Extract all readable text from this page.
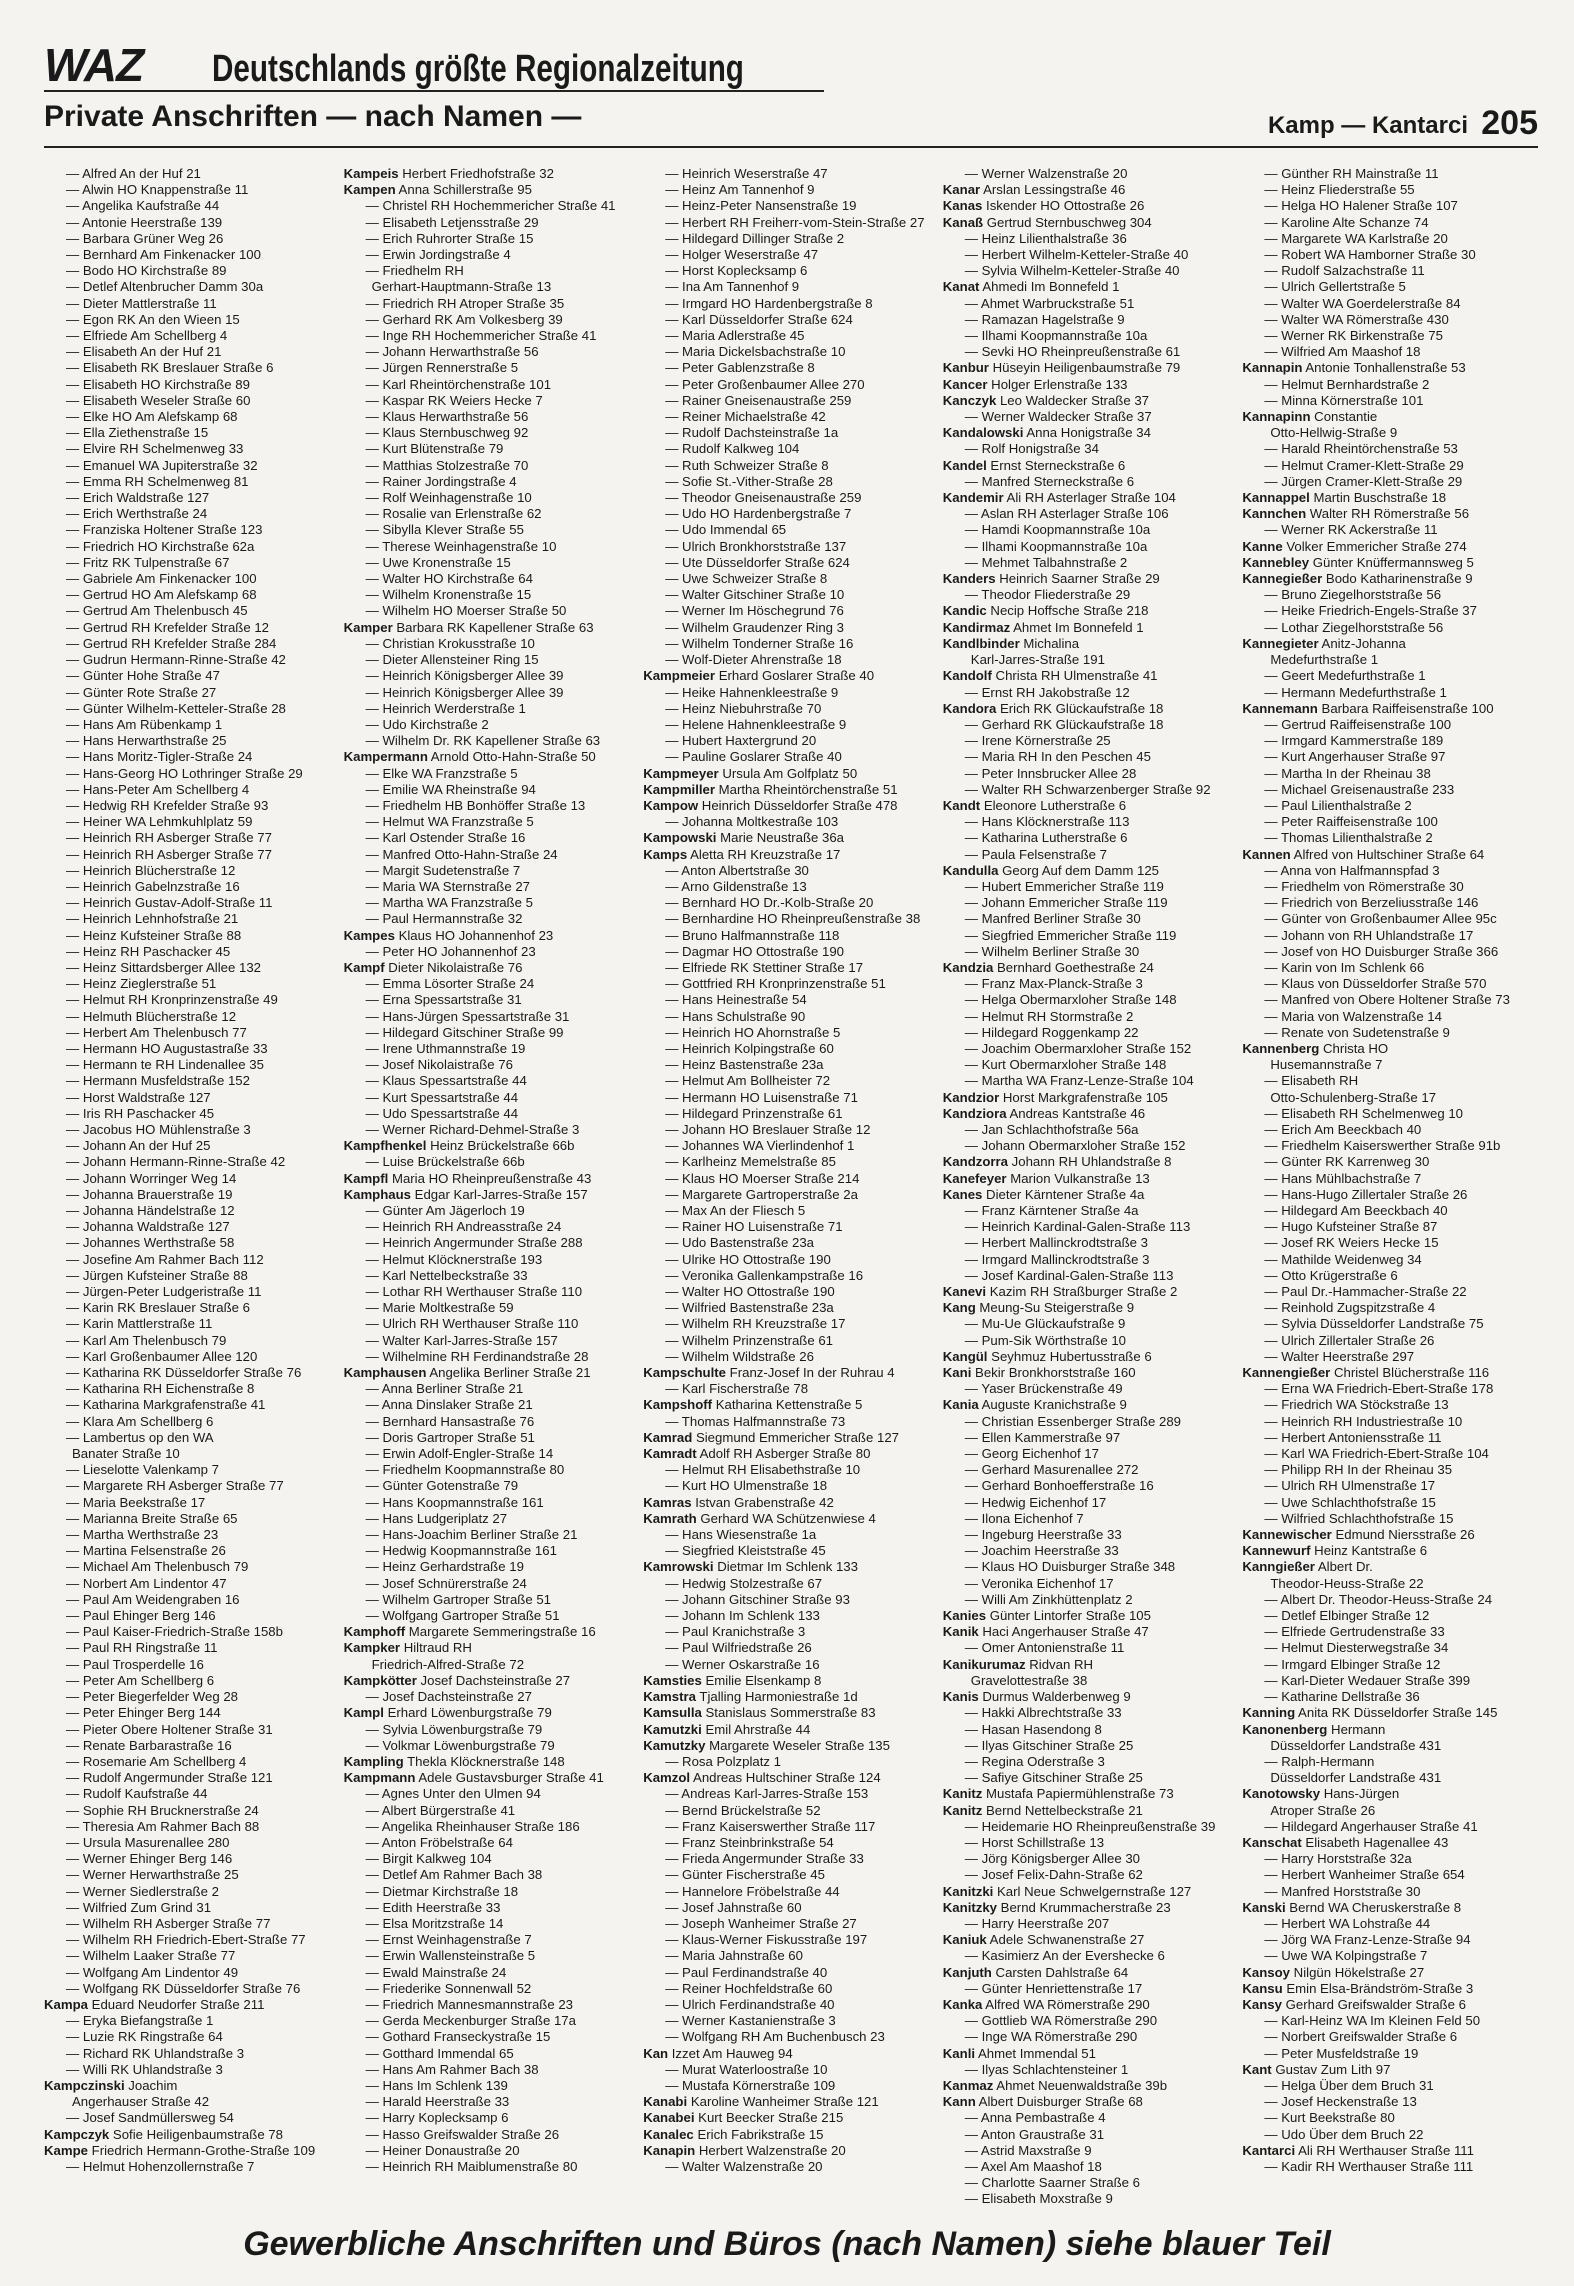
WAZ Deutschlands größte Regionalzeitung
Private Anschriften — nach Namen —	Kamp — Kantarci 205
— Alfred An der Huf 21
— Alwin HO Knappenstraße 11
— Angelika Kaufstraße 44
— Antonie Heerstraße 139
— Barbara Grüner Weg 26
— Bernhard Am Finkenacker 100
— Bodo HO Kirchstraße 89
— Detlef Altenbrucher Damm 30a
— Dieter Mattlerstraße 11
— Egon RK An den Wieen 15
— Elfriede Am Schellberg 4
— Elisabeth An der Huf 21
— Elisabeth RK Breslauer Straße 6
— Elisabeth HO Kirchstraße 89
— Elisabeth Weseler Straße 60
— Elke HO Am Alefskamp 68
— Ella Ziethenstraße 15
— Elvire RH Schelmenweg 33
— Emanuel WA Jupiterstraße 32
— Emma RH Schelmenweg 81
— Erich Waldstraße 127
— Erich Werthstraße 24
— Franziska Holtener Straße 123
— Friedrich HO Kirchstraße 62a
— Fritz RK Tulpenstraße 67
— Gabriele Am Finkenacker 100
— Gertrud HO Am Alefskamp 68
— Gertrud Am Thelenbusch 45
— Gertrud RH Krefelder Straße 12
— Gertrud RH Krefelder Straße 284
— Gudrun Hermann-Rinne-Straße 42
— Günter Hohe Straße 47
— Günter Rote Straße 27
— Günter Wilhelm-Ketteler-Straße 28
— Hans Am Rübenkamp 1
— Hans Herwarthstraße 25
— Hans Moritz-Tigler-Straße 24
— Hans-Georg HO Lothringer Straße 29
— Hans-Peter Am Schellberg 4
— Hedwig RH Krefelder Straße 93
— Heiner WA Lehmkuhlplatz 59
— Heinrich RH Asberger Straße 77
— Heinrich RH Asberger Straße 77
— Heinrich Blücherstraße 12
— Heinrich Gabelnzstraße 16
— Heinrich Gustav-Adolf-Straße 11
— Heinrich Lehnhofstraße 21
— Heinz Kufsteiner Straße 88
— Heinz RH Paschacker 45
— Heinz Sittardsberger Allee 132
— Heinz Zieglerstraße 51
— Helmut RH Kronprinzenstraße 49
— Helmuth Blücherstraße 12
— Herbert Am Thelenbusch 77
— Hermann HO Augustastraße 33
— Hermann te RH Lindenallee 35
— Hermann Musfeldstraße 152
— Horst Waldstraße 127
— Iris RH Paschacker 45
— Jacobus HO Mühlenstraße 3
— Johann An der Huf 25
— Johann Hermann-Rinne-Straße 42
— Johann Worringer Weg 14
— Johanna Brauerstraße 19
— Johanna Händelstraße 12
— Johanna Waldstraße 127
— Johannes Werthstraße 58
— Josefine Am Rahmer Bach 112
— Jürgen Kufsteiner Straße 88
— Jürgen-Peter Ludgeristraße 11
— Karin RK Breslauer Straße 6
— Karin Mattlerstraße 11
— Karl Am Thelenbusch 79
— Karl Großenbaumer Allee 120
— Katharina RK Düsseldorfer Straße 76
— Katharina RH Eichenstraße 8
— Katharina Markgrafenstraße 41
— Klara Am Schellberg 6
— Lambertus op den WA
Banater Straße 10
— Lieselotte Valenkamp 7
— Margarete RH Asberger Straße 77
— Maria Beekstraße 17
— Marianna Breite Straße 65
— Martha Werthstraße 23
— Martina Felsenstraße 26
— Michael Am Thelenbusch 79
— Norbert Am Lindentor 47
— Paul Am Weidengraben 16
— Paul Ehinger Berg 146
— Paul Kaiser-Friedrich-Straße 158b
— Paul RH Ringstraße 11
— Paul Trosperdelle 16
— Peter Am Schellberg 6
— Peter Biegerfelder Weg 28
— Peter Ehinger Berg 144
— Pieter Obere Holtener Straße 31
— Renate Barbarastraße 16
— Rosemarie Am Schellberg 4
— Rudolf Angermunder Straße 121
— Rudolf Kaufstraße 44
— Sophie RH Brucknerstraße 24
— Theresia Am Rahmer Bach 88
— Ursula Masurenallee 280
— Werner Ehinger Berg 146
— Werner Herwarthstraße 25
— Werner Siedlerstraße 2
— Wilfried Zum Grind 31
— Wilhelm RH Asberger Straße 77
— Wilhelm RH Friedrich-Ebert-Straße 77
— Wilhelm Laaker Straße 77
— Wolfgang Am Lindentor 49
— Wolfgang RK Düsseldorfer Straße 76
Kampa Eduard Neudorfer Straße 211
— Eryka Biefangstraße 1
— Luzie RK Ringstraße 64
— Richard RK Uhlandstraße 3
— Willi RK Uhlandstraße 3
Kampczinski Joachim
Angerhauser Straße 42
— Josef Sandmüllersweg 54
Kampczyk Sofie Heiligenbaumstraße 78
Kampe Friedrich Hermann-Grothe-Straße 109
— Helmut Hohenzollernstraße 7
Kampeis Herbert Friedhofstraße 32
Kampen Anna Schillerstraße 95
— Christel RH Hochemmericher Straße 41
— Elisabeth Letjensstraße 29
— Erich Ruhrorter Straße 15
— Erwin Jordingstraße 4
— Friedhelm RH
Gerhart-Hauptmann-Straße 13
— Friedrich RH Atroper Straße 35
— Gerhard RK Am Volkesberg 39
— Inge RH Hochemmericher Straße 41
— Johann Herwarthstraße 56
— Jürgen Rennerstraße 5
— Karl Rheintörchenstraße 101
— Kaspar RK Weiers Hecke 7
— Klaus Herwarthstraße 56
— Klaus Sternbuschweg 92
— Kurt Blütenstraße 79
— Matthias Stolzestraße 70
— Rainer Jordingstraße 4
— Rolf Weinhagenstraße 10
— Rosalie van Erlenstraße 62
— Sibylla Klever Straße 55
— Therese Weinhagenstraße 10
— Uwe Kronenstraße 15
— Walter HO Kirchstraße 64
— Wilhelm Kronenstraße 15
— Wilhelm HO Moerser Straße 50
Kamper Barbara RK Kapellener Straße 63
— Christian Krokusstraße 10
— Dieter Allensteiner Ring 15
— Heinrich Königsberger Allee 39
— Heinrich Königsberger Allee 39
— Heinrich Werderstraße 1
— Udo Kirchstraße 2
— Wilhelm Dr. RK Kapellener Straße 63
Kampermann Arnold Otto-Hahn-Straße 50
— Elke WA Franzstraße 5
— Emilie WA Rheinstraße 94
— Friedhelm HB Bonhöffer Straße 13
— Helmut WA Franzstraße 5
— Karl Ostender Straße 16
— Manfred Otto-Hahn-Straße 24
— Margit Sudetenstraße 7
— Maria WA Sternstraße 27
— Martha WA Franzstraße 5
— Paul Hermannstraße 32
Kampes Klaus HO Johannenhof 23
— Peter HO Johannenhof 23
Kampf Dieter Nikolaistraße 76
— Emma Lösorter Straße 24
— Erna Spessartstraße 31
— Hans-Jürgen Spessartstraße 31
— Hildegard Gitschiner Straße 99
— Irene Uthmannstraße 19
— Josef Nikolaistraße 76
— Klaus Spessartstraße 44
— Kurt Spessartstraße 44
— Udo Spessartstraße 44
— Werner Richard-Dehmel-Straße 3
Kampfhenkel Heinz Brückelstraße 66b
— Luise Brückelstraße 66b
Kampfl Maria HO Rheinpreußenstraße 43
Kamphaus Edgar Karl-Jarres-Straße 157
— Günter Am Jägerloch 19
— Heinrich RH Andreasstraße 24
— Heinrich Angermunder Straße 288
— Helmut Klöcknerstraße 193
— Karl Nettelbeckstraße 33
— Lothar RH Werthauser Straße 110
— Marie Moltkestraße 59
— Ulrich RH Werthauser Straße 110
— Walter Karl-Jarres-Straße 157
— Wilhelmine RH Ferdinandstraße 28
Kamphausen Angelika Berliner Straße 21
— Anna Berliner Straße 21
— Anna Dinslaker Straße 21
— Bernhard Hansastraße 76
— Doris Gartroper Straße 51
— Erwin Adolf-Engler-Straße 14
— Friedhelm Koopmannstraße 80
— Günter Gotenstraße 79
— Hans Koopmannstraße 161
— Hans Ludgeriplatz 27
— Hans-Joachim Berliner Straße 21
— Hedwig Koopmannstraße 161
— Heinz Gerhardstraße 19
— Josef Schnürerstraße 24
— Wilhelm Gartroper Straße 51
— Wolfgang Gartroper Straße 51
Kamphoff Margarete Semmeringstraße 16
Kampker Hiltraud RH
Friedrich-Alfred-Straße 72
Kampkötter Josef Dachsteinstraße 27
— Josef Dachsteinstraße 27
Kampl Erhard Löwenburgstraße 79
— Sylvia Löwenburgstraße 79
— Volkmar Löwenburgstraße 79
Kampling Thekla Klöcknerstraße 148
Kampmann Adele Gustavsburger Straße 41
— Agnes Unter den Ulmen 94
— Albert Bürgerstraße 41
— Angelika Rheinhauser Straße 186
— Anton Fröbelstraße 64
— Birgit Kalkweg 104
— Detlef Am Rahmer Bach 38
— Dietmar Kirchstraße 18
— Edith Heerstraße 33
— Elsa Moritzstraße 14
— Ernst Weinhagenstraße 7
— Erwin Wallensteinstraße 5
— Ewald Mainstraße 24
— Friederike Sonnenwall 52
— Friedrich Mannesmannstraße 23
— Gerda Meckenburger Straße 17a
— Gothard Franseckystraße 15
— Gotthard Immendal 65
— Hans Am Rahmer Bach 38
— Hans Im Schlenk 139
— Harald Heerstraße 33
— Harry Koplecksamp 6
— Hasso Greifswalder Straße 26
— Heiner Donaustraße 20
— Heinrich RH Maiblumenstraße 80
— Heinrich Weserstraße 47
— Heinz Am Tannenhof 9
— Heinz-Peter Nansenstraße 19
— Herbert RH Freiherr-vom-Stein-Straße 27
— Hildegard Dillinger Straße 2
— Holger Weserstraße 47
— Horst Koplecksamp 6
— Ina Am Tannenhof 9
— Irmgard HO Hardenbergstraße 8
— Karl Düsseldorfer Straße 624
— Maria Adlerstraße 45
— Maria Dickelsbachstraße 10
— Peter Gablenzstraße 8
— Peter Großenbaumer Allee 270
— Rainer Gneisenaustraße 259
— Reiner Michaelstraße 42
— Rudolf Dachsteinstraße 1a
— Rudolf Kalkweg 104
— Ruth Schweizer Straße 8
— Sofie St.-Vither-Straße 28
— Theodor Gneisenaustraße 259
— Udo HO Hardenbergstraße 7
— Udo Immendal 65
— Ulrich Bronkhorststraße 137
— Ute Düsseldorfer Straße 624
— Uwe Schweizer Straße 8
— Walter Gitschiner Straße 10
— Werner Im Höschegrund 76
— Wilhelm Graudenzer Ring 3
— Wilhelm Tonderner Straße 16
— Wolf-Dieter Ahrenstraße 18
Kampmeier Erhard Goslarer Straße 40
— Heike Hahnenkleestraße 9
— Heinz Niebuhrstraße 70
— Helene Hahnenkleestraße 9
— Hubert Haxtergrund 20
— Pauline Goslarer Straße 40
Kampmeyer Ursula Am Golfplatz 50
Kampmiller Martha Rheintörchenstraße 51
Kampow Heinrich Düsseldorfer Straße 478
— Johanna Moltkestraße 103
Kampowski Marie Neustraße 36a
Kamps Aletta RH Kreuzstraße 17
— Anton Albertstraße 30
— Arno Gildenstraße 13
— Bernhard HO Dr.-Kolb-Straße 20
— Bernhardine HO Rheinpreußenstraße 38
— Bruno Halfmannstraße 118
— Dagmar HO Ottostraße 190
— Elfriede RK Stettiner Straße 17
— Gottfried RH Kronprinzenstraße 51
— Hans Heinestraße 54
— Hans Schulstraße 90
— Heinrich HO Ahornstraße 5
— Heinrich Kolpingstraße 60
— Heinz Bastenstraße 23a
— Helmut Am Bollheister 72
— Hermann HO Luisenstraße 71
— Hildegard Prinzenstraße 61
— Johann HO Breslauer Straße 12
— Johannes WA Vierlindenhof 1
— Karlheinz Memelstraße 85
— Klaus HO Moerser Straße 214
— Margarete Gartroperstraße 2a
— Max An der Fliesch 5
— Rainer HO Luisenstraße 71
— Udo Bastenstraße 23a
— Ulrike HO Ottostraße 190
— Veronika Gallenkampstraße 16
— Walter HO Ottostraße 190
— Wilfried Bastenstraße 23a
— Wilhelm RH Kreuzstraße 17
— Wilhelm Prinzenstraße 61
— Wilhelm Wildstraße 26
Kampschulte Franz-Josef In der Ruhrau 4
— Karl Fischerstraße 78
Kampshoff Katharina Kettenstraße 5
— Thomas Halfmannstraße 73
Kamrad Siegmund Emmericher Straße 127
Kamradt Adolf RH Asberger Straße 80
— Helmut RH Elisabethstraße 10
— Kurt HO Ulmenstraße 18
Kamras Istvan Grabenstraße 42
Kamrath Gerhard WA Schützenwiese 4
— Hans Wiesenstraße 1a
— Siegfried Kleiststraße 45
Kamrowski Dietmar Im Schlenk 133
— Hedwig Stolzestraße 67
— Johann Gitschiner Straße 93
— Johann Im Schlenk 133
— Paul Kranichstraße 3
— Paul Wilfriedstraße 26
— Werner Oskarstraße 16
Kamsties Emilie Elsenkamp 8
Kamstra Tjalling Harmoniestraße 1d
Kamsulla Stanislaus Sommerstraße 83
Kamutzki Emil Ahrstraße 44
Kamutzky Margarete Weseler Straße 135
— Rosa Polzplatz 1
Kamzol Andreas Hultschiner Straße 124
— Andreas Karl-Jarres-Straße 153
— Bernd Brückelstraße 52
— Franz Kaiserswerther Straße 117
— Franz Steinbrinkstraße 54
— Frieda Angermunder Straße 33
— Günter Fischerstraße 45
— Hannelore Fröbelstraße 44
— Josef Jahnstraße 60
— Joseph Wanheimer Straße 27
— Klaus-Werner Fiskusstraße 197
— Maria Jahnstraße 60
— Paul Ferdinandstraße 40
— Reiner Hochfeldstraße 60
— Ulrich Ferdinandstraße 40
— Werner Kastanienstraße 3
— Wolfgang RH Am Buchenbusch 23
Kan Izzet Am Hauweg 94
— Murat Waterloostraße 10
— Mustafa Körnerstraße 109
Kanabi Karoline Wanheimer Straße 121
Kanabei Kurt Beecker Straße 215
Kanalec Erich Fabrikstraße 15
Kanapin Herbert Walzenstraße 20
— Walter Walzenstraße 20
— Werner Walzenstraße 20
Kanar Arslan Lessingstraße 46
Kanas Iskender HO Ottostraße 26
Kanaß Gertrud Sternbuschweg 304
— Heinz Lilienthalstraße 36
— Herbert Wilhelm-Ketteler-Straße 40
— Sylvia Wilhelm-Ketteler-Straße 40
Kanat Ahmedi Im Bonnefeld 1
— Ahmet Warbruckstraße 51
— Ramazan Hagelstraße 9
— Ilhami Koopmannstraße 10a
— Sevki HO Rheinpreußenstraße 61
Kanbur Hüseyin Heiligenbaumstraße 79
Kancer Holger Erlenstraße 133
Kanczyk Leo Waldecker Straße 37
— Werner Waldecker Straße 37
Kandalowski Anna Honigstraße 34
— Rolf Honigstraße 34
Kandel Ernst Sterneckstraße 6
— Manfred Sterneckstraße 6
Kandemir Ali RH Asterlager Straße 104
— Aslan RH Asterlager Straße 106
— Hamdi Koopmannstraße 10a
— Ilhami Koopmannstraße 10a
— Mehmet Talbahnstraße 2
Kanders Heinrich Saarner Straße 29
— Theodor Fliederstraße 29
Kandic Necip Hoffsche Straße 218
Kandirmaz Ahmet Im Bonnefeld 1
Kandlbinder Michalina
Karl-Jarres-Straße 191
Kandolf Christa RH Ulmenstraße 41
— Ernst RH Jakobstraße 12
Kandora Erich RK Glückaufstraße 18
— Gerhard RK Glückaufstraße 18
— Irene Körnerstraße 25
— Maria RH In den Peschen 45
— Peter Innsbrucker Allee 28
— Walter RH Schwarzenberger Straße 92
Kandt Eleonore Lutherstraße 6
— Hans Klöcknerstraße 113
— Katharina Lutherstraße 6
— Paula Felsenstraße 7
Kandulla Georg Auf dem Damm 125
— Hubert Emmericher Straße 119
— Johann Emmericher Straße 119
— Manfred Berliner Straße 30
— Siegfried Emmericher Straße 119
— Wilhelm Berliner Straße 30
Kandzia Bernhard Goethestraße 24
— Franz Max-Planck-Straße 3
— Helga Obermarxloher Straße 148
— Helmut RH Stormstraße 2
— Hildegard Roggenkamp 22
— Joachim Obermarxloher Straße 152
— Kurt Obermarxloher Straße 148
— Martha WA Franz-Lenze-Straße 104
Kandzior Horst Markgrafenstraße 105
Kandziora Andreas Kantstraße 46
— Jan Schlachthofstraße 56a
— Johann Obermarxloher Straße 152
Kandzorra Johann RH Uhlandstraße 8
Kanefeyer Marion Vulkanstraße 13
Kanes Dieter Kärntener Straße 4a
— Franz Kärntener Straße 4a
— Heinrich Kardinal-Galen-Straße 113
— Herbert Mallinckrodtstraße 3
— Irmgard Mallinckrodtstraße 3
— Josef Kardinal-Galen-Straße 113
Kanevi Kazim RH Straßburger Straße 2
Kang Meung-Su Steigerstraße 9
— Mu-Ue Glückaufstraße 9
— Pum-Sik Wörthstraße 10
Kangül Seyhmuz Hubertusstraße 6
Kani Bekir Bronkhorststraße 160
— Yaser Brückenstraße 49
Kania Auguste Kranichstraße 9
— Christian Essenberger Straße 289
— Ellen Kammerstraße 97
— Georg Eichenhof 17
— Gerhard Masurenallee 272
— Gerhard Bonhoefferstraße 16
— Hedwig Eichenhof 17
— Ilona Eichenhof 7
— Ingeburg Heerstraße 33
— Joachim Heerstraße 33
— Klaus HO Duisburger Straße 348
— Veronika Eichenhof 17
— Willi Am Zinkhüttenplatz 2
Kanies Günter Lintorfer Straße 105
Kanik Haci Angerhauser Straße 47
— Omer Antonienstraße 11
Kanikurumaz Ridvan RH
Gravelottestraße 38
Kanis Durmus Walderbenweg 9
— Hakki Albrechtstraße 33
— Hasan Hasendong 8
— Ilyas Gitschiner Straße 25
— Regina Oderstraße 3
— Safiye Gitschiner Straße 25
Kanitz Mustafa Papiermühlenstraße 73
Kanitz Bernd Nettelbeckstraße 21
— Heidemarie HO Rheinpreußenstraße 39
— Horst Schillstraße 13
— Jörg Königsberger Allee 30
— Josef Felix-Dahn-Straße 62
Kanitzki Karl Neue Schwelgernstraße 127
Kanitzky Bernd Krummacherstraße 23
— Harry Heerstraße 207
Kaniuk Adele Schwanenstraße 27
— Kasimierz An der Evershecke 6
Kanjuth Carsten Dahlstraße 64
— Günter Henriettenstraße 17
Kanka Alfred WA Römerstraße 290
— Gottlieb WA Römerstraße 290
— Inge WA Römerstraße 290
Kanli Ahmet Immendal 51
— Ilyas Schlachtensteiner 1
Kanmaz Ahmet Neuenwaldstraße 39b
Kann Albert Duisburger Straße 68
— Anna Pembastraße 4
— Anton Graustraße 31
— Astrid Maxstraße 9
— Axel Am Maashof 18
— Charlotte Saarner Straße 6
— Elisabeth Moxstraße 9
— Günther RH Mainstraße 11
— Heinz Fliederstraße 55
— Helga HO Halener Straße 107
— Karoline Alte Schanze 74
— Margarete WA Karlstraße 20
— Robert WA Hamborner Straße 30
— Rudolf Salzachstraße 11
— Ulrich Gellertstraße 5
— Walter WA Goerdelerstraße 84
— Walter WA Römerstraße 430
— Werner RK Birkenstraße 75
— Wilfried Am Maashof 18
Kannapin Antonie Tonhallenstraße 53
— Helmut Bernhardstraße 2
— Minna Körnerstraße 101
Kannapinn Constantie
Otto-Hellwig-Straße 9
— Harald Rheintörchenstraße 53
— Helmut Cramer-Klett-Straße 29
— Jürgen Cramer-Klett-Straße 29
Kannappel Martin Buschstraße 18
Kannchen Walter RH Römerstraße 56
— Werner RK Ackerstraße 11
Kanne Volker Emmericher Straße 274
Kannebley Günter Knüffermannsweg 5
Kannegießer Bodo Katharinenstraße 9
— Bruno Ziegelhorststraße 56
— Heike Friedrich-Engels-Straße 37
— Lothar Ziegelhorststraße 56
Kannegieter Anitz-Johanna
Medefurthstraße 1
— Geert Medefurthstraße 1
— Hermann Medefurthstraße 1
Kannemann Barbara Raiffeisenstraße 100
— Gertrud Raiffeisenstraße 100
— Irmgard Kammerstraße 189
— Kurt Angerhauser Straße 97
— Martha In der Rheinau 38
— Michael Greisenaustraße 233
— Paul Lilienthalstraße 2
— Peter Raiffeisenstraße 100
— Thomas Lilienthalstraße 2
Kannen Alfred von Hultschiner Straße 64
— Anna von Halfmannspfad 3
— Friedhelm von Römerstraße 30
— Friedrich von Berzeliusstraße 146
— Günter von Großenbaumer Allee 95c
— Johann von RH Uhlandstraße 17
— Josef von HO Duisburger Straße 366
— Karin von Im Schlenk 66
— Klaus von Düsseldorfer Straße 570
— Manfred von Obere Holtener Straße 73
— Maria von Walzenstraße 14
— Renate von Sudetenstraße 9
Kannenberg Christa HO
Husemannstraße 7
— Elisabeth RH
Otto-Schulenberg-Straße 17
— Elisabeth RH Schelmenweg 10
— Erich Am Beeckbach 40
— Friedhelm Kaiserswerther Straße 91b
— Günter RK Karrenweg 30
— Hans Mühlbachstraße 7
— Hans-Hugo Zillertaler Straße 26
— Hildegard Am Beeckbach 40
— Hugo Kufsteiner Straße 87
— Josef RK Weiers Hecke 15
— Mathilde Weidenweg 34
— Otto Krügerstraße 6
— Paul Dr.-Hammacher-Straße 22
— Reinhold Zugspitzstraße 4
— Sylvia Düsseldorfer Landstraße 75
— Ulrich Zillertaler Straße 26
— Walter Heerstraße 297
Kannengießer Christel Blücherstraße 116
— Erna WA Friedrich-Ebert-Straße 178
— Friedrich WA Stöckstraße 13
— Heinrich RH Industriestraße 10
— Herbert Antoniensstraße 11
— Karl WA Friedrich-Ebert-Straße 104
— Philipp RH In der Rheinau 35
— Ulrich RH Ulmenstraße 17
— Uwe Schlachthofstraße 15
— Wilfried Schlachthofstraße 15
Kannewischer Edmund Niersstraße 26
Kannewurf Heinz Kantstraße 6
Kanngießer Albert Dr.
Theodor-Heuss-Straße 22
— Albert Dr. Theodor-Heuss-Straße 24
— Detlef Elbinger Straße 12
— Elfriede Gertrudenstraße 33
— Helmut Diesterwegstraße 34
— Irmgard Elbinger Straße 12
— Karl-Dieter Wedauer Straße 399
— Katharine Dellstraße 36
Kanning Anita RK Düsseldorfer Straße 145
Kanonenberg Hermann
Düsseldorfer Landstraße 431
— Ralph-Hermann
Düsseldorfer Landstraße 431
Kanotowsky Hans-Jürgen
Atroper Straße 26
— Hildegard Angerhauser Straße 41
Kanschat Elisabeth Hagenallee 43
— Harry Horststraße 32a
— Herbert Wanheimer Straße 654
— Manfred Horststraße 30
Kanski Bernd WA Cheruskerstraße 8
— Herbert WA Lohstraße 44
— Jörg WA Franz-Lenze-Straße 94
— Uwe WA Kolpingstraße 7
Kansoy Nilgün Hökelstraße 27
Kansu Emin Elsa-Brändström-Straße 3
Kansy Gerhard Greifswalder Straße 6
— Karl-Heinz WA Im Kleinen Feld 50
— Norbert Greifswalder Straße 6
— Peter Musfeldstraße 19
Kant Gustav Zum Lith 97
— Helga Über dem Bruch 31
— Josef Heckenstraße 13
— Kurt Beekstraße 80
— Udo Über dem Bruch 22
Kantarci Ali RH Werthauser Straße 111
— Kadir RH Werthauser Straße 111
Gewerbliche Anschriften und Büros (nach Namen) siehe blauer Teil
